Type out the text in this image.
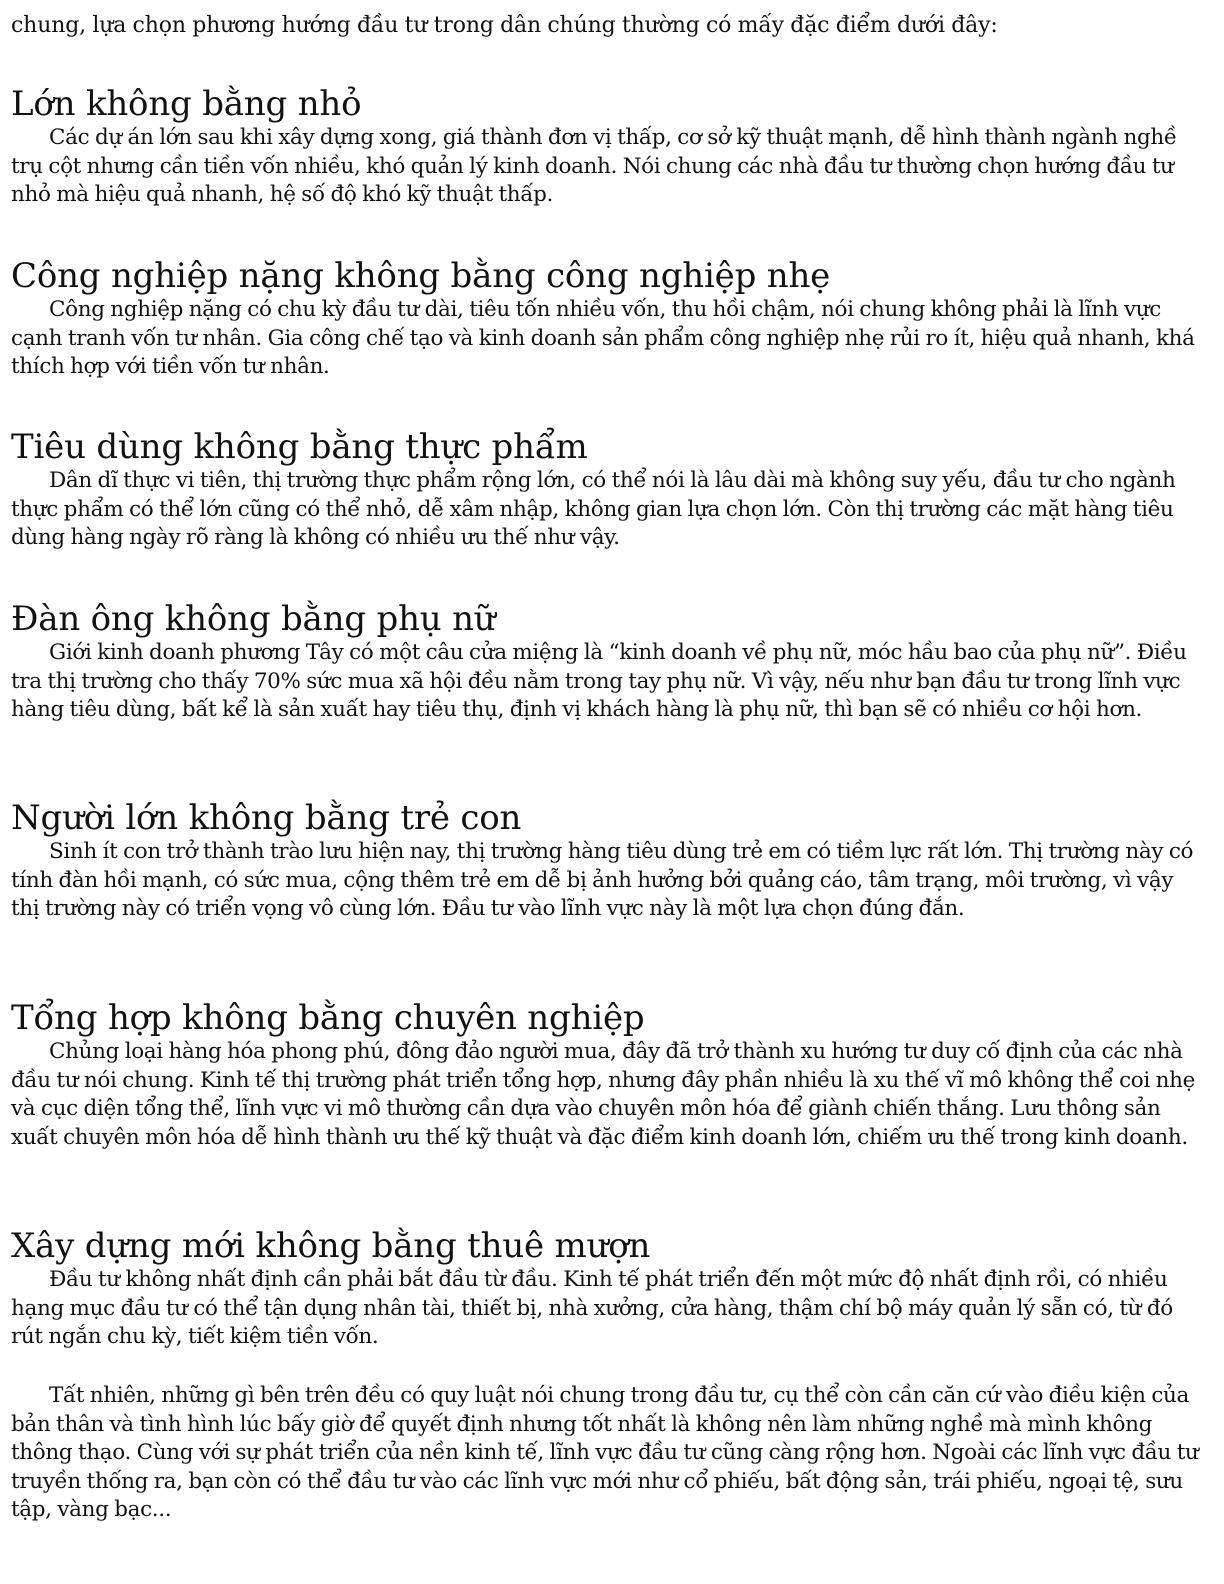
chung, lựa chọn phương hướng đầu tư trong dân chúng thường có mấy đặc điểm dưới đây:

Lớn không bằng nhỏ

Các dự án lớn sau khi xây dựng xong, giá thành đơn vị thấp, cơ sở kỹ thuật mạnh, dễ hình thành ngành nghề trụ cột nhưng cần tiền vốn nhiều, khó quản lý kinh doanh. Nói chung các nhà đầu tư thường chọn hướng đầu tư nhỏ mà hiệu quả nhanh, hệ số độ khó kỹ thuật thấp.

Công nghiệp nặng không bằng công nghiệp nhẹ

Công nghiệp nặng có chu kỳ đầu tư dài, tiêu tốn nhiều vốn, thu hồi chậm, nói chung không phải là lĩnh vực cạnh tranh vốn tư nhân. Gia công chế tạo và kinh doanh sản phẩm công nghiệp nhẹ rủi ro ít, hiệu quả nhanh, khá thích hợp với tiền vốn tư nhân.

Tiêu dùng không bằng thực phẩm

Dân dĩ thực vi tiên, thị trường thực phẩm rộng lớn, có thể nói là lâu dài mà không suy yếu, đầu tư cho ngành thực phẩm có thể lớn cũng có thể nhỏ, dễ xâm nhập, không gian lựa chọn lớn. Còn thị trường các mặt hàng tiêu dùng hàng ngày rõ ràng là không có nhiều ưu thế như vậy.

Đàn ông không bằng phụ nữ

Giới kinh doanh phương Tây có một câu cửa miệng là “kinh doanh về phụ nữ, móc hầu bao của phụ nữ”. Điều tra thị trường cho thấy 70% sức mua xã hội đều nằm trong tay phụ nữ. Vì vậy, nếu như bạn đầu tư trong lĩnh vực hàng tiêu dùng, bất kể là sản xuất hay tiêu thụ, định vị khách hàng là phụ nữ, thì bạn sẽ có nhiều cơ hội hơn.

Người lớn không bằng trẻ con

Sinh ít con trở thành trào lưu hiện nay, thị trường hàng tiêu dùng trẻ em có tiềm lực rất lớn. Thị trường này có tính đàn hồi mạnh, có sức mua, cộng thêm trẻ em dễ bị ảnh hưởng bởi quảng cáo, tâm trạng, môi trường, vì vậy thị trường này có triển vọng vô cùng lớn. Đầu tư vào lĩnh vực này là một lựa chọn đúng đắn.

Tổng hợp không bằng chuyên nghiệp

Chủng loại hàng hóa phong phú, đông đảo người mua, đây đã trở thành xu hướng tư duy cố định của các nhà đầu tư nói chung. Kinh tế thị trường phát triển tổng hợp, nhưng đây phần nhiều là xu thế vĩ mô không thể coi nhẹ và cục diện tổng thể, lĩnh vực vi mô thường cần dựa vào chuyên môn hóa để giành chiến thắng. Lưu thông sản xuất chuyên môn hóa dễ hình thành ưu thế kỹ thuật và đặc điểm kinh doanh lớn, chiếm ưu thế trong kinh doanh.

Xây dựng mới không bằng thuê mượn

Đầu tư không nhất định cần phải bắt đầu từ đầu. Kinh tế phát triển đến một mức độ nhất định rồi, có nhiều hạng mục đầu tư có thể tận dụng nhân tài, thiết bị, nhà xưởng, cửa hàng, thậm chí bộ máy quản lý sẵn có, từ đó rút ngắn chu kỳ, tiết kiệm tiền vốn.

Tất nhiên, những gì bên trên đều có quy luật nói chung trong đầu tư, cụ thể còn cần căn cứ vào điều kiện của bản thân và tình hình lúc bấy giờ để quyết định nhưng tốt nhất là không nên làm những nghề mà mình không thông thạo. Cùng với sự phát triển của nền kinh tế, lĩnh vực đầu tư cũng càng rộng hơn. Ngoài các lĩnh vực đầu tư truyền thống ra, bạn còn có thể đầu tư vào các lĩnh vực mới như cổ phiếu, bất động sản, trái phiếu, ngoại tệ, sưu tập, vàng bạc...
